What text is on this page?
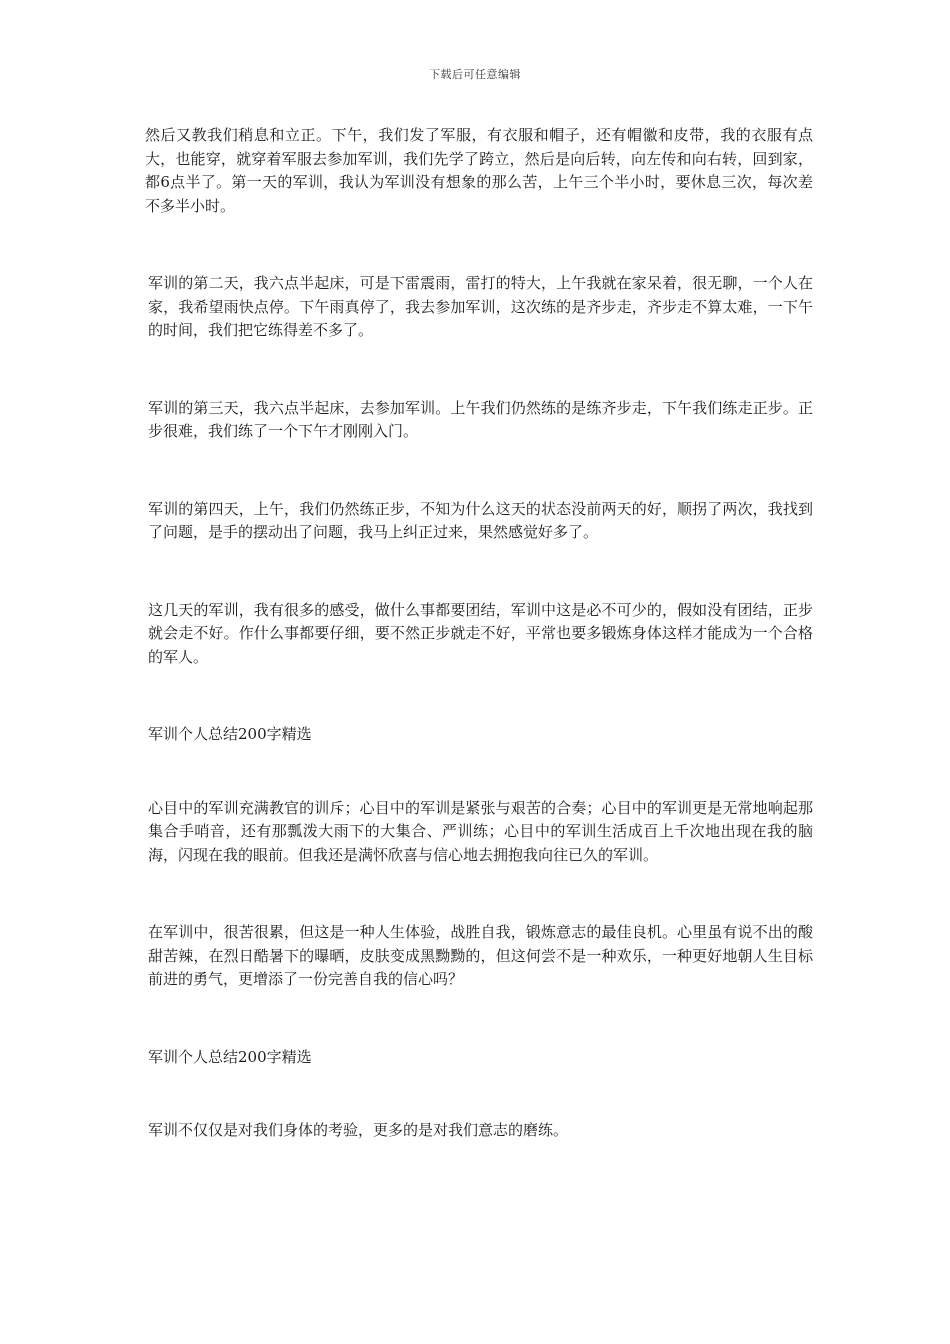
下载后可任意编辑

然后又教我们稍息和立正。下午，我们发了军服，有衣服和帽子，还有帽徽和皮带，我的衣服有点大，也能穿，就穿着军服去参加军训，我们先学了跨立，然后是向后转，向左传和向右转，回到家，都6点半了。第一天的军训，我认为军训没有想象的那么苦，上午三个半小时，要休息三次，每次差不多半小时。

军训的第二天，我六点半起床，可是下雷震雨，雷打的特大，上午我就在家呆着，很无聊，一个人在家，我希望雨快点停。下午雨真停了，我去参加军训，这次练的是齐步走，齐步走不算太难，一下午的时间，我们把它练得差不多了。

军训的第三天，我六点半起床，去参加军训。上午我们仍然练的是练齐步走，下午我们练走正步。正步很难，我们练了一个下午才刚刚入门。

军训的第四天，上午，我们仍然练正步，不知为什么这天的状态没前两天的好，顺拐了两次，我找到了问题，是手的摆动出了问题，我马上纠正过来，果然感觉好多了。

这几天的军训，我有很多的感受，做什么事都要团结，军训中这是必不可少的，假如没有团结，正步就会走不好。作什么事都要仔细，要不然正步就走不好，平常也要多锻炼身体这样才能成为一个合格的军人。

军训个人总结200字精选

心目中的军训充满教官的训斥；心目中的军训是紧张与艰苦的合奏；心目中的军训更是无常地响起那集合手哨音，还有那瓢泼大雨下的大集合、严训练；心目中的军训生活成百上千次地出现在我的脑海，闪现在我的眼前。但我还是满怀欣喜与信心地去拥抱我向往已久的军训。

在军训中，很苦很累，但这是一种人生体验，战胜自我，锻炼意志的最佳良机。心里虽有说不出的酸甜苦辣，在烈日酷暑下的曝晒，皮肤变成黑黝黝的，但这何尝不是一种欢乐，一种更好地朝人生目标前进的勇气，更增添了一份完善自我的信心吗？

军训个人总结200字精选

军训不仅仅是对我们身体的考验，更多的是对我们意志的磨练。
